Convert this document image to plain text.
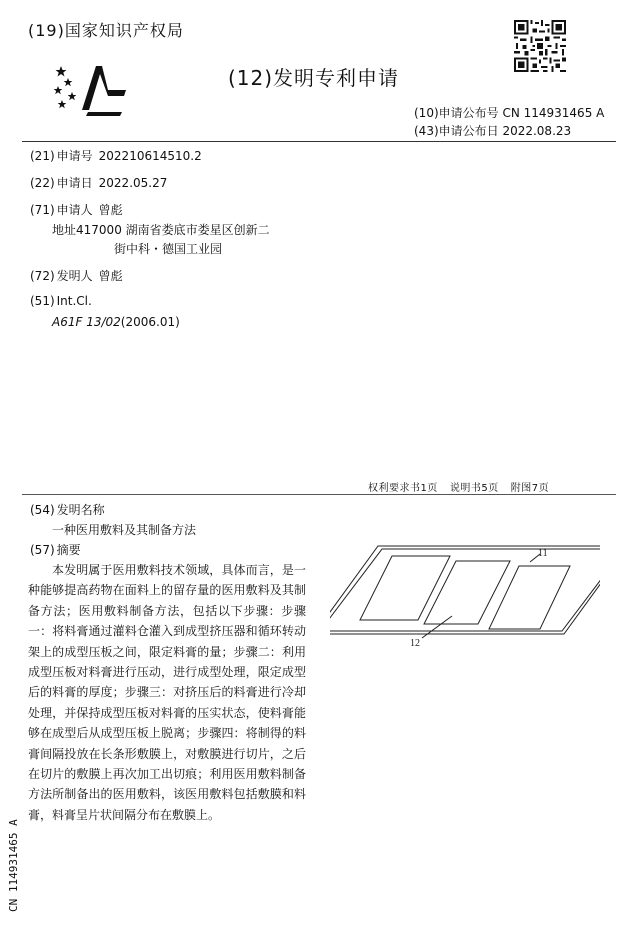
(19)国家知识产权局
(12)发明专利申请
(10)申请公布号 CN 114931465 A
(43)申请公布日 2022.08.23
(21) 申请号 202210614510.2
(22) 申请日 2022.05.27
(71) 申请人 曾彪
地址417000 湖南省娄底市娄星区创新二
街中科・德国工业园
(72) 发明人 曾彪
(51) Int.Cl.
A61F 13/02(2006.01)
权利要求书1页 说明书5页 附图7页
(54) 发明名称
一种医用敷料及其制备方法
(57) 摘要

本发明属于医用敷料技术领域，具体而言，是一种能够提高药物在面料上的留存量的医用敷料及其制备方法；医用敷料制备方法，包括以下步骤：步骤一：将料膏通过灌料仓灌入到成型挤压器和循环转动架上的成型压板之间，限定料膏的量；步骤二：利用成型压板对料膏进行压动，进行成型处理，限定成型后的料膏的厚度；步骤三：对挤压后的料膏进行冷却处理，并保持成型压板对料膏的压实状态，使料膏能够在成型后从成型压板上脱离；步骤四：将制得的料膏间隔投放在长条形敷膜上，对敷膜进行切片，之后在切片的敷膜上再次加工出切痕；利用医用敷料制备方法所制备出的医用敷料，该医用敷料包括敷膜和料膏，料膏呈片状间隔分布在敷膜上。

11
12
CN 114931465 A
